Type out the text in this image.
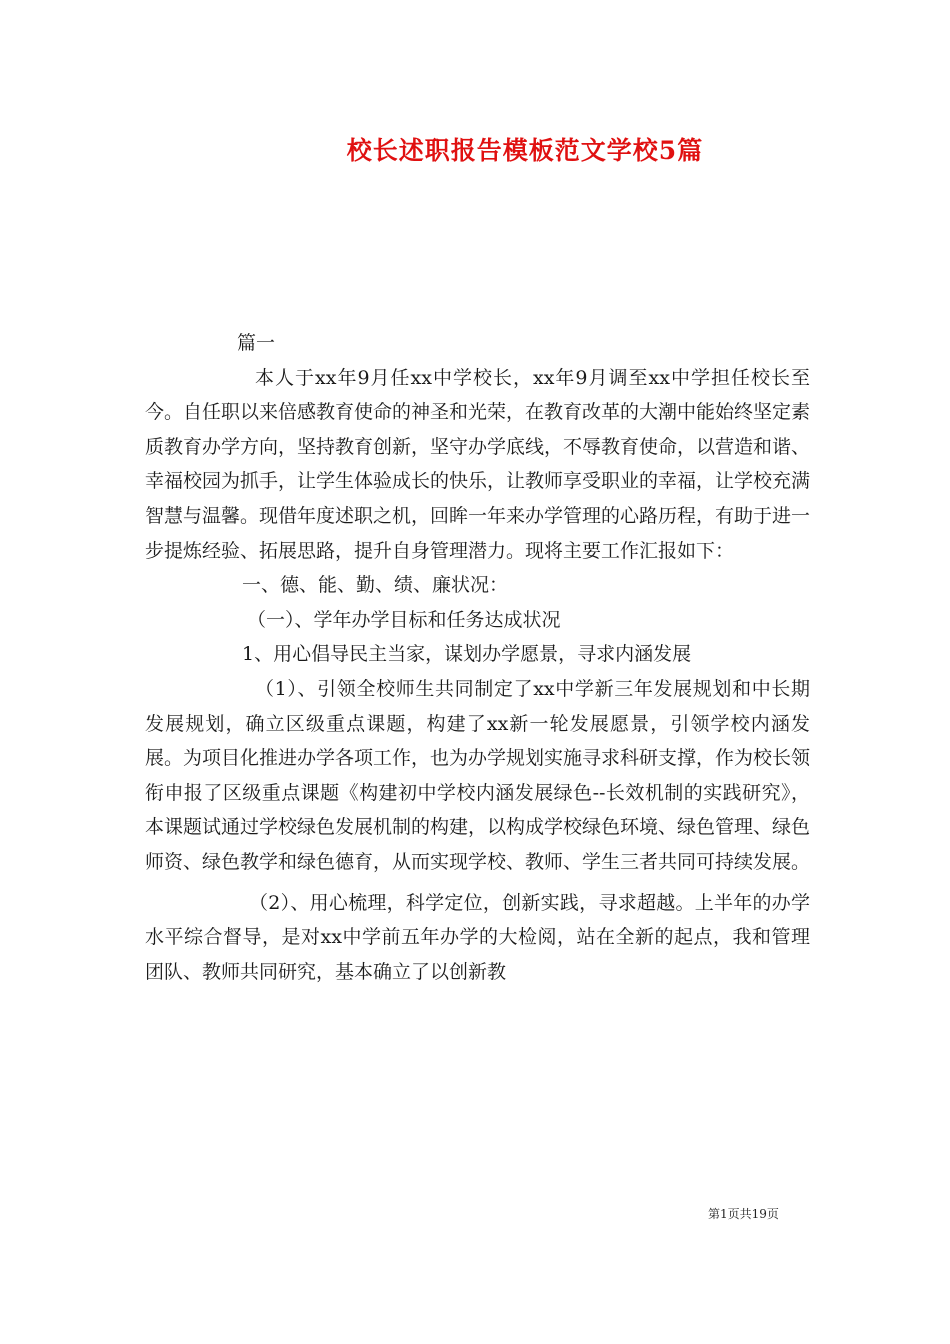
校长述职报告模板范文学校5篇

篇一

本人于xx年9月任xx中学校长，xx年9月调至xx中学担任校长至今。自任职以来倍感教育使命的神圣和光荣，在教育改革的大潮中能始终坚定素质教育办学方向，坚持教育创新，坚守办学底线，不辱教育使命，以营造和谐、幸福校园为抓手，让学生体验成长的快乐，让教师享受职业的幸福，让学校充满智慧与温馨。现借年度述职之机，回眸一年来办学管理的心路历程，有助于进一步提炼经验、拓展思路，提升自身管理潜力。现将主要工作汇报如下：

一、德、能、勤、绩、廉状况：

（一）、学年办学目标和任务达成状况

1、用心倡导民主当家，谋划办学愿景，寻求内涵发展

（1）、引领全校师生共同制定了xx中学新三年发展规划和中长期发展规划，确立区级重点课题，构建了xx新一轮发展愿景，引领学校内涵发展。为项目化推进办学各项工作，也为办学规划实施寻求科研支撑，作为校长领衔申报了区级重点课题《构建初中学校内涵发展绿色--长效机制的实践研究》，本课题试通过学校绿色发展机制的构建，以构成学校绿色环境、绿色管理、绿色师资、绿色教学和绿色德育，从而实现学校、教师、学生三者共同可持续发展。

（2）、用心梳理，科学定位，创新实践，寻求超越。上半年的办学水平综合督导，是对xx中学前五年办学的大检阅，站在全新的起点，我和管理团队、教师共同研究，基本确立了以创新教

第1页共19页
